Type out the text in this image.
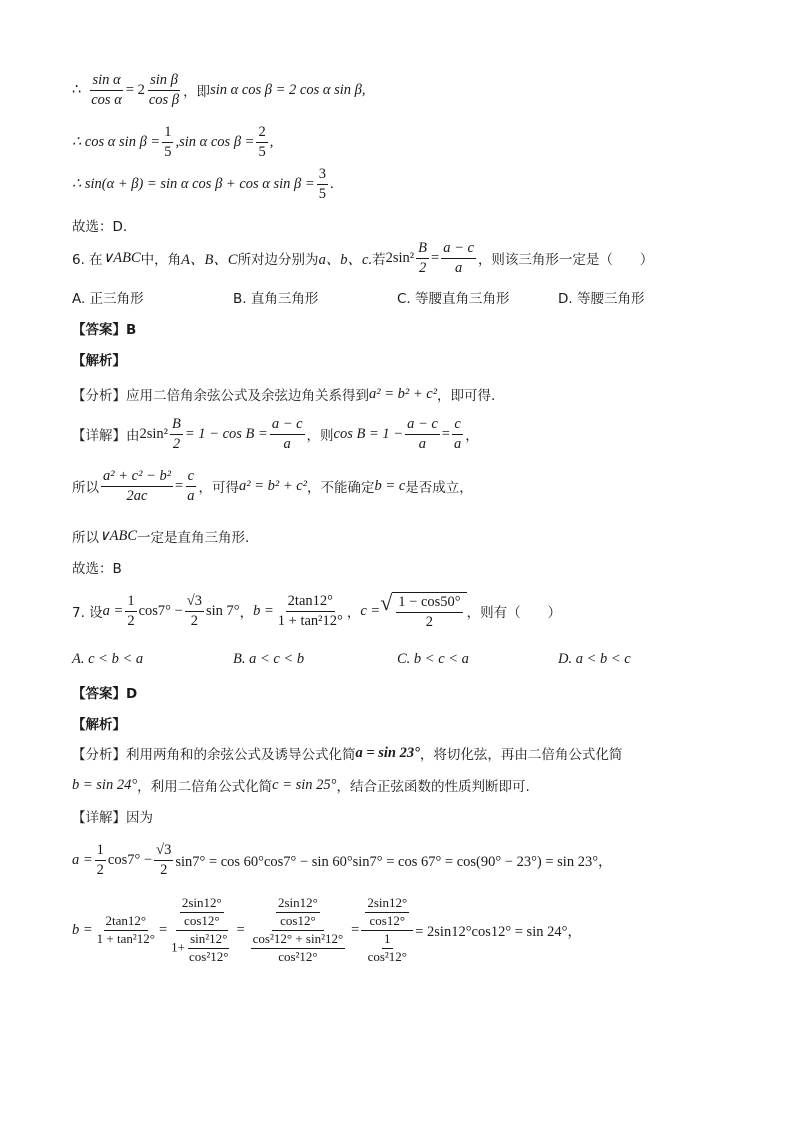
∴ $\frac{\text{sin α}}{\text{cos α}} = 2 \frac{\text{sin β}}{\text{cos β}}$ ，即 sin α cos β = 2 cos α sin β,
∴ cos α $\sin \beta = \frac{1}{5} ,\sin$ α $\cos \beta = \frac{2}{5}$ ,
∴ sin(α + β) = sin α cos β + cos α $\sin \beta = \frac{3}{5}$ .
故选：D.
6. 在 ∨ABC 中，角 A、B、C 所对边分别为 a、b、c. 若 $2\sin^2 \frac{B}{2} = \frac{a - c}{a}$ ，则该三角形一定是（　　）
A. 正三角形	B. 直角三角形	C. 等腰直角三角形	D. 等腰三角形
【答案】B
【解析】
【分析】应用二倍角余弦公式及余弦边角关系得到 a² = b² + c² ，即可得.
【详解】由 $2\sin^2 \frac{B}{2} = 1 - \cos B = \frac{a - c}{a}$ ，则 $\cos B = 1 - \frac{a - c}{a} = \frac{c}{a}$ ，
所以 $\frac{\text{a² + c² − b²}}{2ac} = \frac{c}{a}$ ，可得 a² = b² + c² ，不能确定 b = c 是否成立，
所以 ∨ABC 一定是直角三角形.
故选：B
7. 设 $a = \frac{1}{2} \cos 7^\circ - \frac{√3}{2}$ sin 7° ， $b = \frac{2\tan 12^\circ}{\text{1 + tan²12°}}$ ， c = √ $\frac{1 - \cos 50^\circ}{2}$ ，则有（　　）
A. c < b < a	B. a < c < b	C. b < c < a	D. a < b < c
【答案】D
【解析】
【分析】利用两角和的余弦公式及诱导公式化简 a = sin 23° ，将切化弦，再由二倍角公式化简
b = sin 24° ，利用二倍角公式化简 c = sin 25° ，结合正弦函数的性质判断即可.
【详解】因为
$a = \frac{1}{2} \cos 7^\circ - \frac{√3}{2} \sin 7^\circ = \cos 60^\circ\cos 7^\circ - \sin 60^\circ\sin 7^\circ = \cos 67^\circ = \cos(90^\circ - 23^\circ) = \sin 23^\circ$，
$b = \frac{2\tan 12^\circ}{\text{1 + tan²12°}} = \frac{\frac{2\sin 12^\circ}{\cos 12^\circ}}{1+ \frac{\text{sin²12°}}{\text{cos²12°}}} = \frac{\frac{2\sin 12^\circ}{\cos 12^\circ}}{\frac{\text{cos²12° + sin²12°}}{\text{cos²12°}}} = \frac{\frac{2\sin 12^\circ}{\cos 12^\circ}}{\frac{1}{\text{cos²12°}}} = 2\sin 12^\circ\cos 12^\circ = \sin 24^\circ$，
